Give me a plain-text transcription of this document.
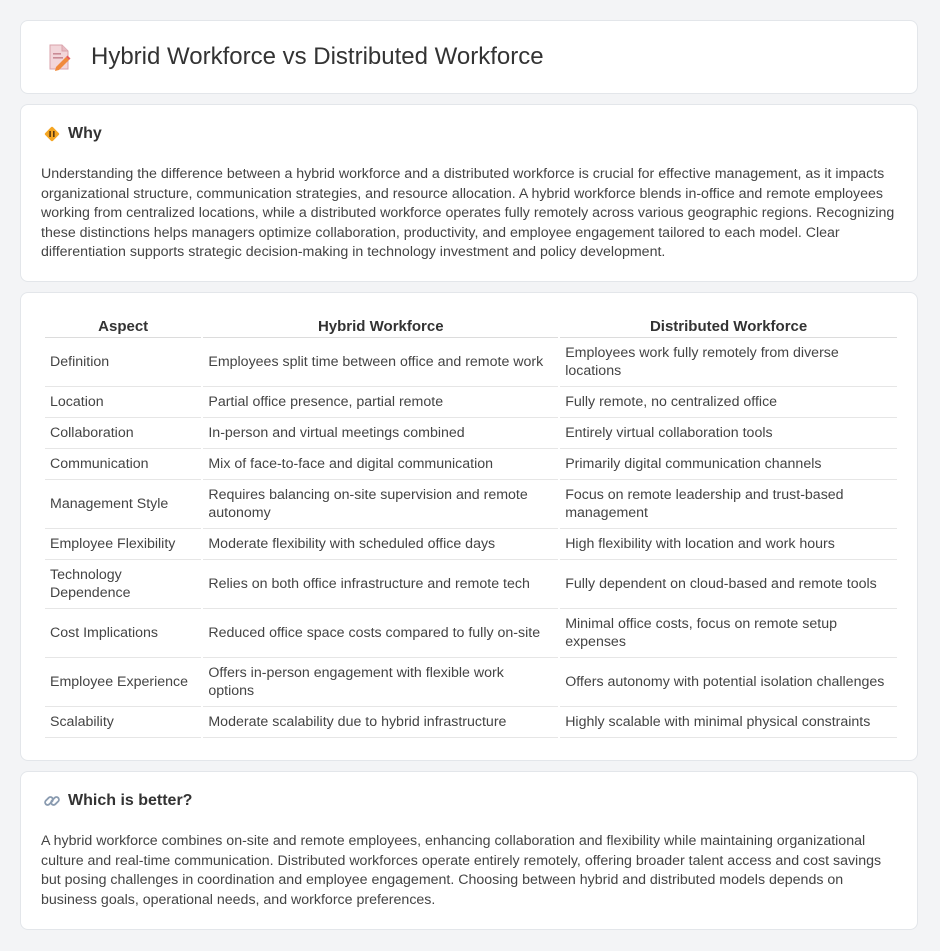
Hybrid Workforce vs Distributed Workforce
Why

Understanding the difference between a hybrid workforce and a distributed workforce is crucial for effective management, as it impacts organizational structure, communication strategies, and resource allocation. A hybrid workforce blends in-office and remote employees working from centralized locations, while a distributed workforce operates fully remotely across various geographic regions. Recognizing these distinctions helps managers optimize collaboration, productivity, and employee engagement tailored to each model. Clear differentiation supports strategic decision-making in technology investment and policy development.

Aspect	Hybrid Workforce	Distributed Workforce
Definition	Employees split time between office and remote work	Employees work fully remotely from diverse locations
Location	Partial office presence, partial remote	Fully remote, no centralized office
Collaboration	In-person and virtual meetings combined	Entirely virtual collaboration tools
Communication	Mix of face-to-face and digital communication	Primarily digital communication channels
Management Style	Requires balancing on-site supervision and remote autonomy	Focus on remote leadership and trust-based management
Employee Flexibility	Moderate flexibility with scheduled office days	High flexibility with location and work hours
Technology Dependence	Relies on both office infrastructure and remote tech	Fully dependent on cloud-based and remote tools
Cost Implications	Reduced office space costs compared to fully on-site	Minimal office costs, focus on remote setup expenses
Employee Experience	Offers in-person engagement with flexible work options	Offers autonomy with potential isolation challenges
Scalability	Moderate scalability due to hybrid infrastructure	Highly scalable with minimal physical constraints
Which is better?

A hybrid workforce combines on-site and remote employees, enhancing collaboration and flexibility while maintaining organizational culture and real-time communication. Distributed workforces operate entirely remotely, offering broader talent access and cost savings but posing challenges in coordination and employee engagement. Choosing between hybrid and distributed models depends on business goals, operational needs, and workforce preferences.
